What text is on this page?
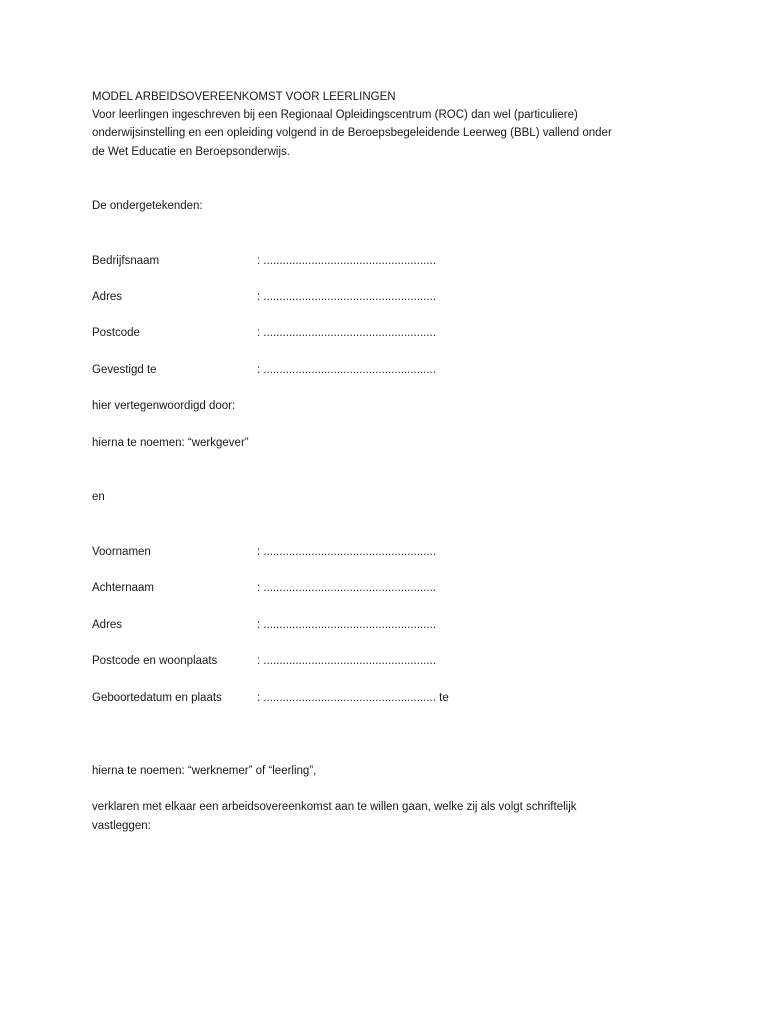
MODEL ARBEIDSOVEREENKOMST VOOR LEERLINGEN
Voor leerlingen ingeschreven bij een Regionaal Opleidingscentrum (ROC) dan wel (particuliere)
onderwijsinstelling en een opleiding volgend in de Beroepsbegeleidende Leerweg (BBL) vallend onder
de Wet Educatie en Beroepsonderwijs.
De ondergetekenden:
Bedrijfsnaam	: ......................................................
Adres	: ......................................................
Postcode	: ......................................................
Gevestigd te	: ......................................................
hier vertegenwoordigd door:
hierna te noemen: “werkgever”
en
Voornamen	: ......................................................
Achternaam	: ......................................................
Adres	: ......................................................
Postcode en woonplaats	: ......................................................
Geboortedatum en plaats	: ...................................................... te
hierna te noemen: “werknemer” of “leerling”,
verklaren met elkaar een arbeidsovereenkomst aan te willen gaan, welke zij als volgt schriftelijk
vastleggen:
